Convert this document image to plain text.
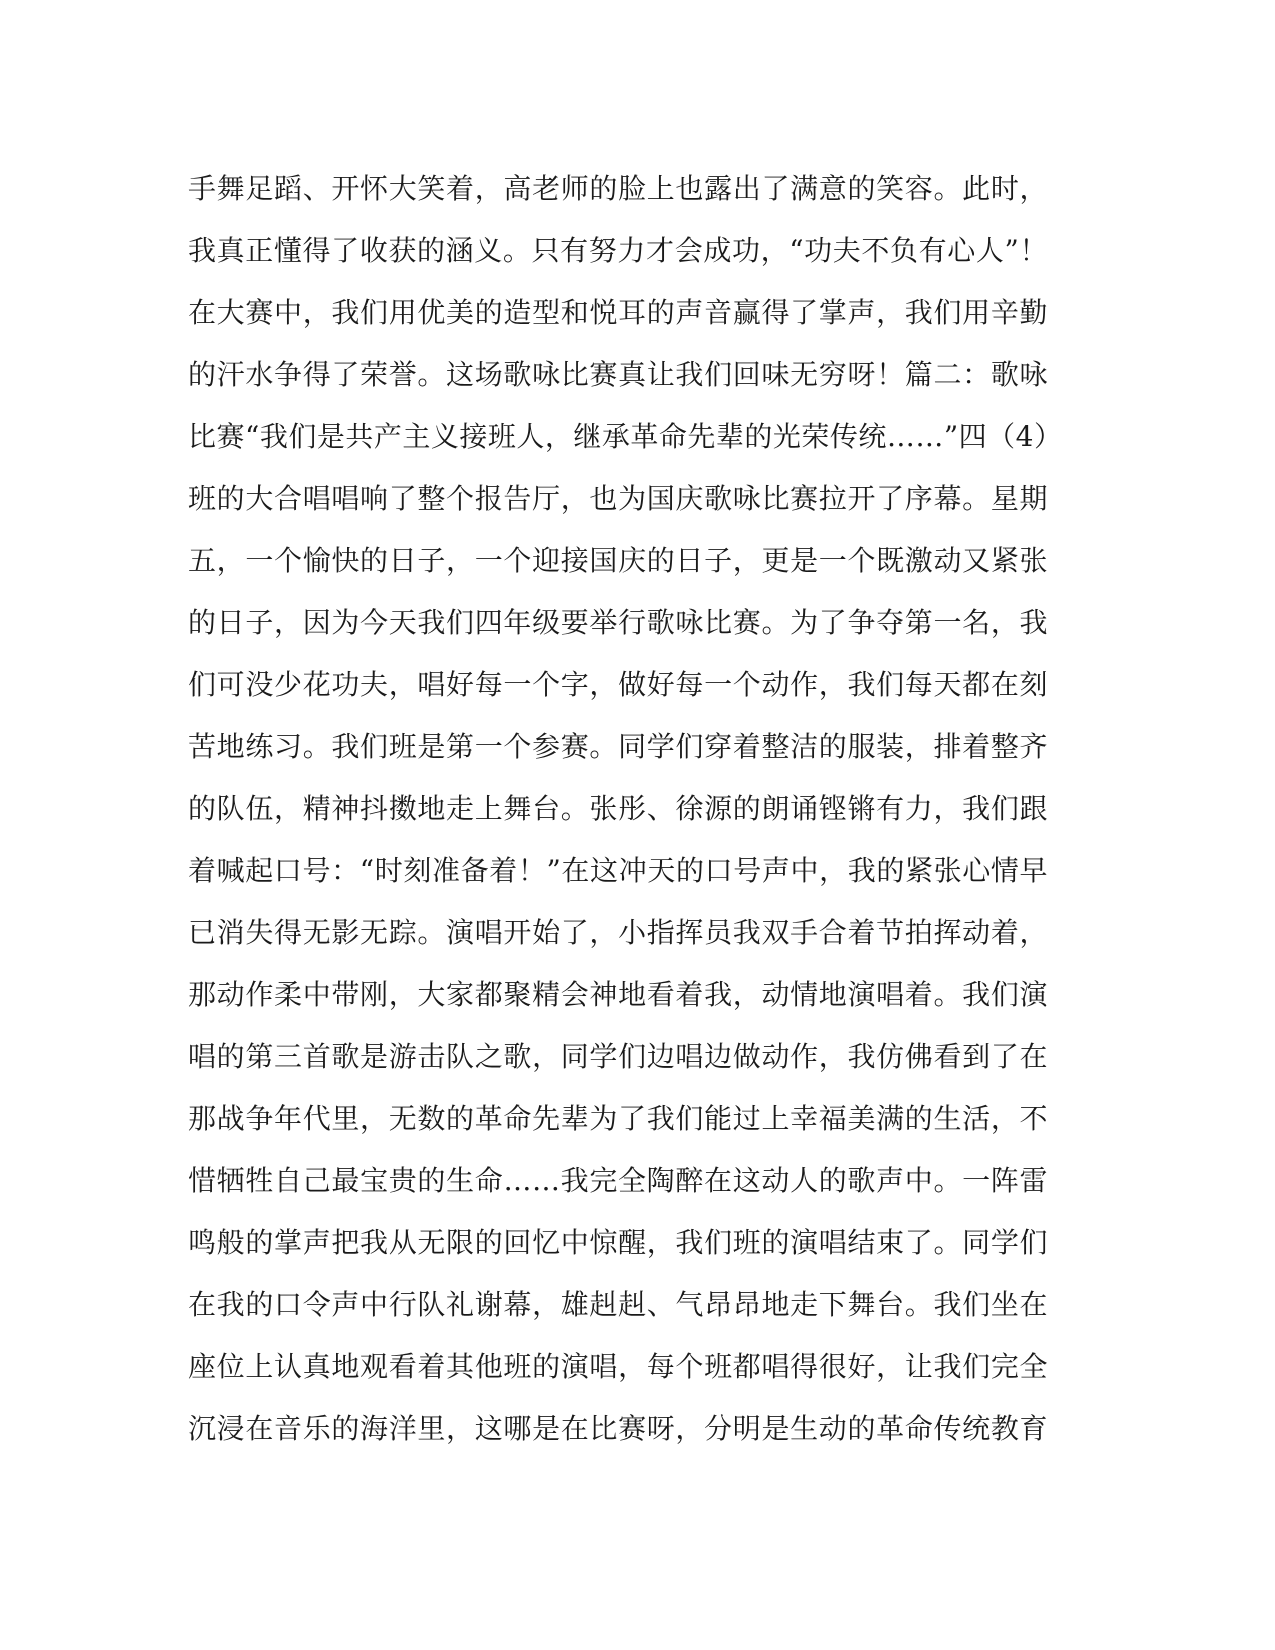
手舞足蹈、开怀大笑着，高老师的脸上也露出了满意的笑容。此时，
我真正懂得了收获的涵义。只有努力才会成功，“功夫不负有心人”！
在大赛中，我们用优美的造型和悦耳的声音赢得了掌声，我们用辛勤
的汗水争得了荣誉。这场歌咏比赛真让我们回味无穷呀！篇二：歌咏
比赛“我们是共产主义接班人，继承革命先辈的光荣传统……”四（4）
班的大合唱唱响了整个报告厅，也为国庆歌咏比赛拉开了序幕。星期
五，一个愉快的日子，一个迎接国庆的日子，更是一个既激动又紧张
的日子，因为今天我们四年级要举行歌咏比赛。为了争夺第一名，我
们可没少花功夫，唱好每一个字，做好每一个动作，我们每天都在刻
苦地练习。我们班是第一个参赛。同学们穿着整洁的服装，排着整齐
的队伍，精神抖擞地走上舞台。张彤、徐源的朗诵铿锵有力，我们跟
着喊起口号：“时刻准备着！”在这冲天的口号声中，我的紧张心情早
已消失得无影无踪。演唱开始了，小指挥员我双手合着节拍挥动着，
那动作柔中带刚，大家都聚精会神地看着我，动情地演唱着。我们演
唱的第三首歌是游击队之歌，同学们边唱边做动作，我仿佛看到了在
那战争年代里，无数的革命先辈为了我们能过上幸福美满的生活，不
惜牺牲自己最宝贵的生命……我完全陶醉在这动人的歌声中。一阵雷
鸣般的掌声把我从无限的回忆中惊醒，我们班的演唱结束了。同学们
在我的口令声中行队礼谢幕，雄赳赳、气昂昂地走下舞台。我们坐在
座位上认真地观看着其他班的演唱，每个班都唱得很好，让我们完全
沉浸在音乐的海洋里，这哪是在比赛呀，分明是生动的革命传统教育
